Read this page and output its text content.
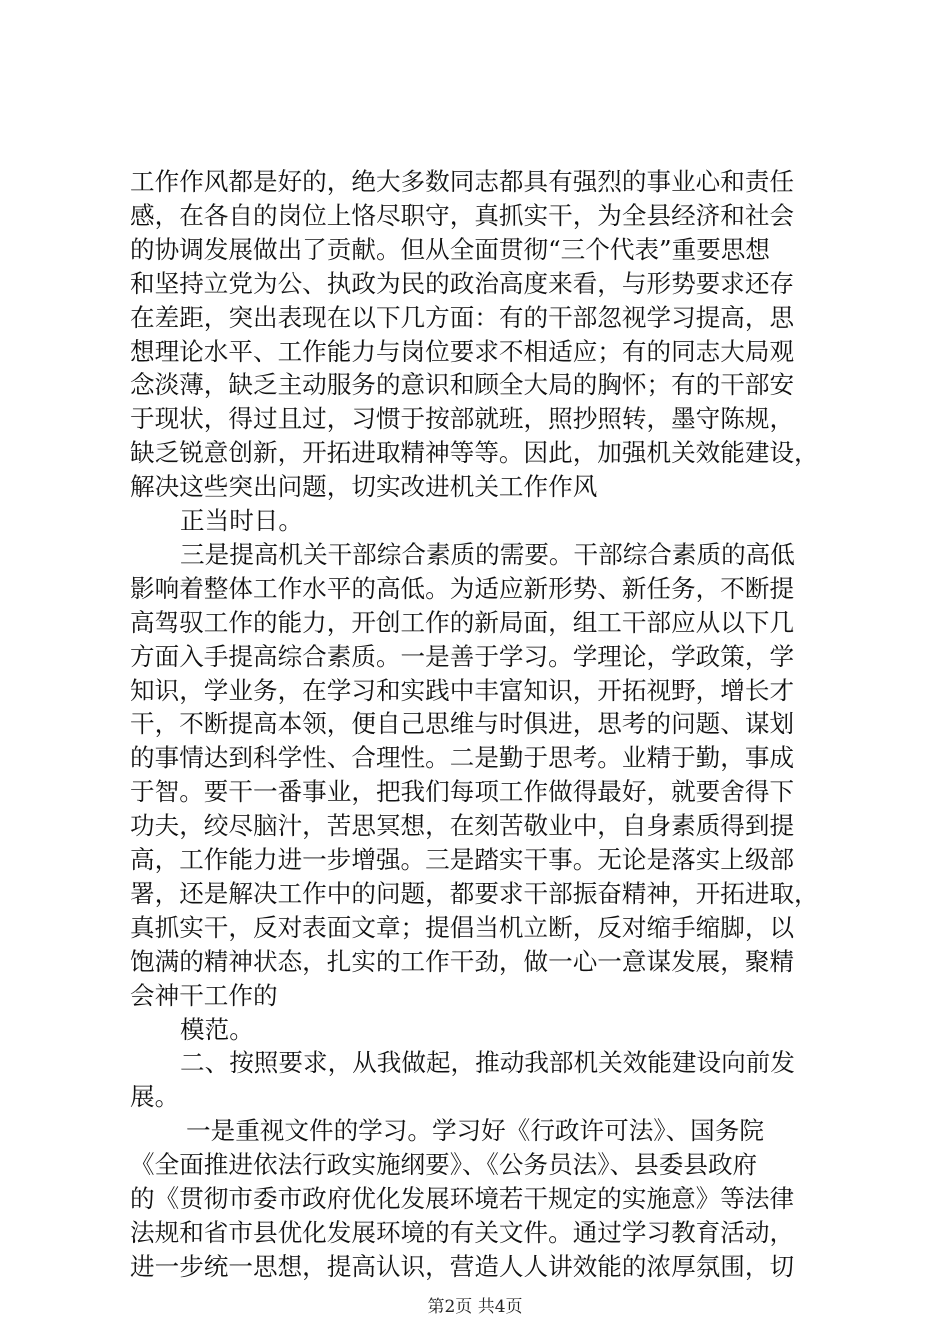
工作作风都是好的，绝大多数同志都具有强烈的事业心和责任
感，在各自的岗位上恪尽职守，真抓实干，为全县经济和社会
的协调发展做出了贡献。但从全面贯彻“三个代表”重要思想
和坚持立党为公、执政为民的政治高度来看，与形势要求还存
在差距，突出表现在以下几方面：有的干部忽视学习提高，思
想理论水平、工作能力与岗位要求不相适应；有的同志大局观
念淡薄，缺乏主动服务的意识和顾全大局的胸怀；有的干部安
于现状，得过且过，习惯于按部就班，照抄照转，墨守陈规，
缺乏锐意创新，开拓进取精神等等。因此，加强机关效能建设，
解决这些突出问题，切实改进机关工作作风
正当时日。
三是提高机关干部综合素质的需要。干部综合素质的高低
影响着整体工作水平的高低。为适应新形势、新任务，不断提
高驾驭工作的能力，开创工作的新局面，组工干部应从以下几
方面入手提高综合素质。一是善于学习。学理论，学政策，学
知识，学业务，在学习和实践中丰富知识，开拓视野，增长才
干，不断提高本领，便自己思维与时俱进，思考的问题、谋划
的事情达到科学性、合理性。二是勤于思考。业精于勤，事成
于智。要干一番事业，把我们每项工作做得最好，就要舍得下
功夫，绞尽脑汁，苦思冥想，在刻苦敬业中，自身素质得到提
高，工作能力进一步增强。三是踏实干事。无论是落实上级部
署，还是解决工作中的问题，都要求干部振奋精神，开拓进取，
真抓实干，反对表面文章；提倡当机立断，反对缩手缩脚，以
饱满的精神状态，扎实的工作干劲，做一心一意谋发展，聚精
会神干工作的
模范。
二、按照要求，从我做起，推动我部机关效能建设向前发
展。
一是重视文件的学习。学习好《行政许可法》、国务院
《全面推进依法行政实施纲要》、《公务员法》、县委县政府
的《贯彻市委市政府优化发展环境若干规定的实施意》等法律
法规和省市县优化发展环境的有关文件。通过学习教育活动，
进一步统一思想，提高认识，营造人人讲效能的浓厚氛围，切
第2页 共4页
